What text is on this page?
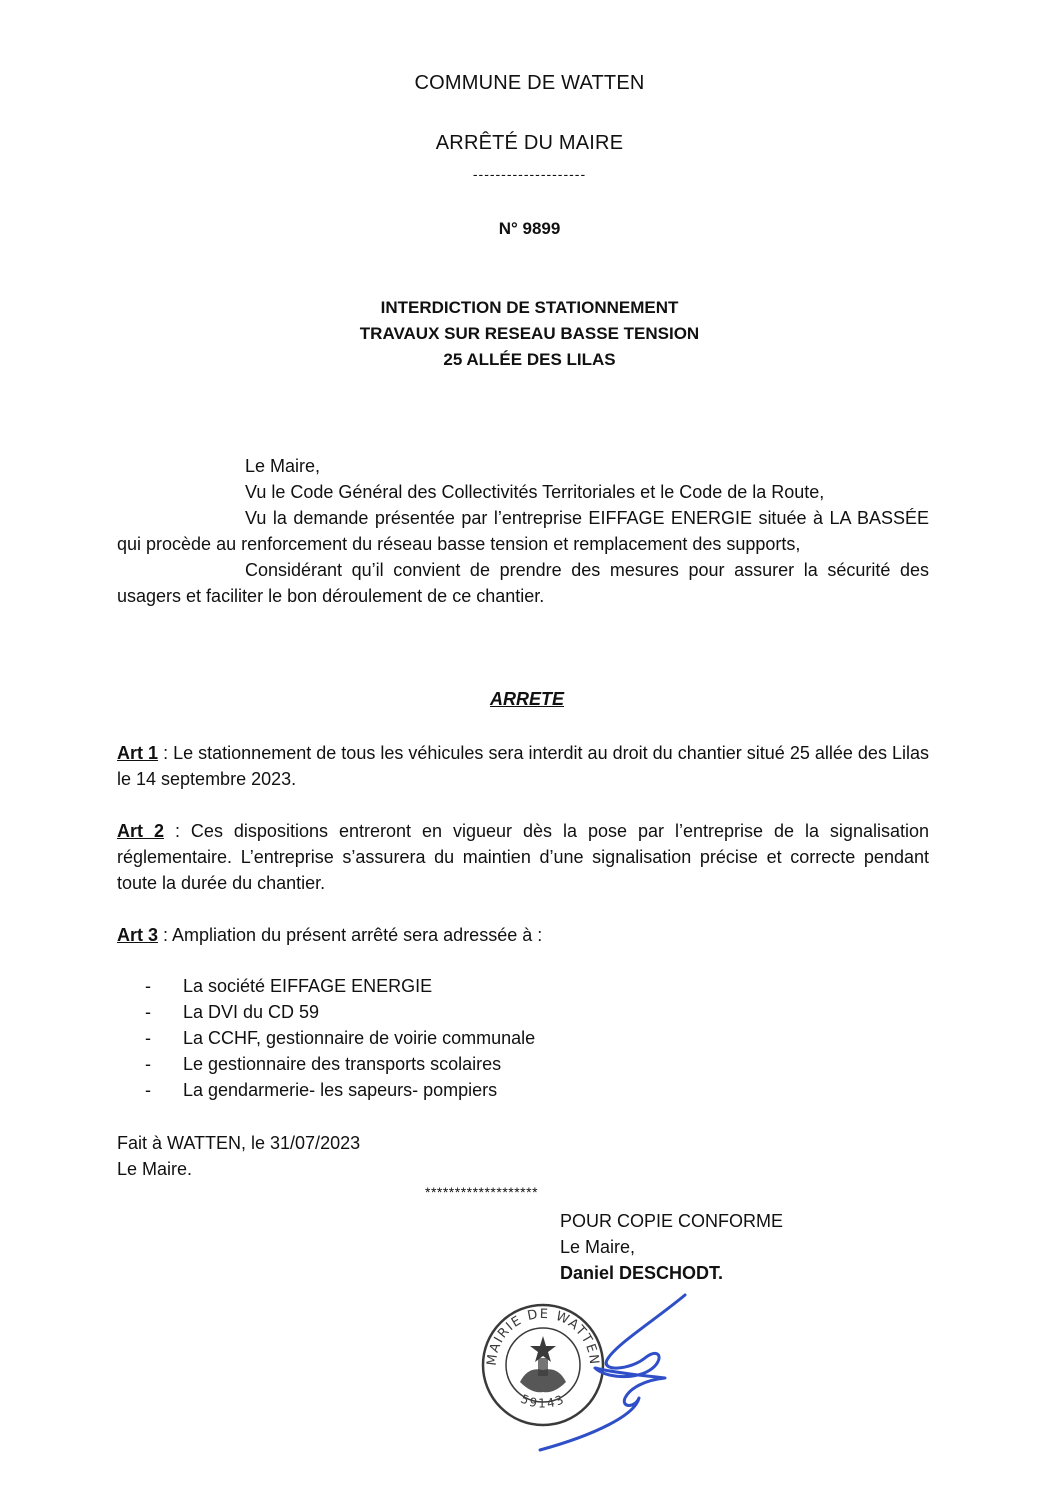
COMMUNE DE WATTEN
ARRÊTÉ DU MAIRE
--------------------
N° 9899
INTERDICTION DE STATIONNEMENT
TRAVAUX SUR RESEAU BASSE TENSION
25 ALLÉE DES LILAS
Le Maire,
Vu le Code Général des Collectivités Territoriales et le Code de la Route,
Vu la demande présentée par l’entreprise EIFFAGE ENERGIE située à LA BASSÉE qui procède au renforcement du réseau basse tension et remplacement des supports,
Considérant qu’il convient de prendre des mesures pour assurer la sécurité des usagers et faciliter le bon déroulement de ce chantier.
ARRETE
Art 1 : Le stationnement de tous les véhicules sera interdit au droit du chantier situé 25 allée des Lilas le 14 septembre 2023.
Art 2 : Ces dispositions entreront en vigueur dès la pose par l’entreprise de la signalisation réglementaire. L’entreprise s’assurera du maintien d’une signalisation précise et correcte pendant toute la durée du chantier.
Art 3 : Ampliation du présent arrêté sera adressée à :
- La société EIFFAGE ENERGIE
- La DVI du CD 59
- La CCHF, gestionnaire de voirie communale
- Le gestionnaire des transports scolaires
- La gendarmerie- les sapeurs- pompiers
Fait à WATTEN, le 31/07/2023
Le Maire.
*******************
POUR COPIE CONFORME
Le Maire,
Daniel DESCHODT.
MAIRIE DE WATTEN
59143
